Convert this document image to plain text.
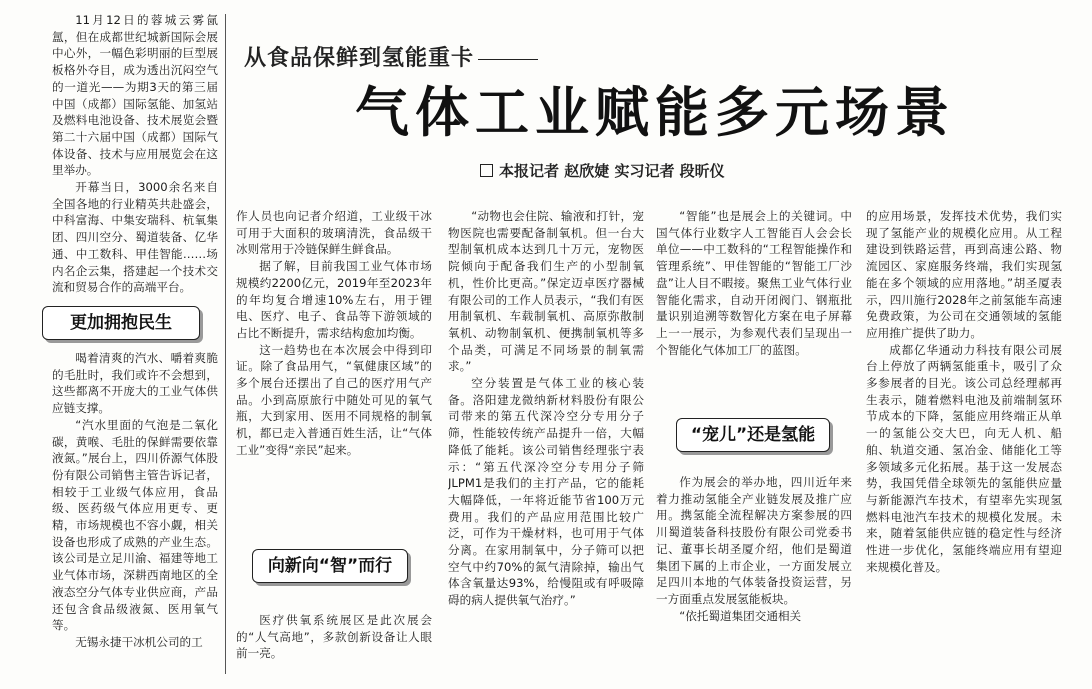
11月12日的蓉城云雾氤氲，但在成都世纪城新国际会展中心外，一幅色彩明丽的巨型展板格外夺目，成为透出沉闷空气的一道光——为期3天的第三届中国（成都）国际氢能、加氢站及燃料电池设备、技术展览会暨第二十六届中国（成都）国际气体设备、技术与应用展览会在这里举办。

开幕当日，3000余名来自全国各地的行业精英共赴盛会，中科富海、中集安瑞科、杭氧集团、四川空分、蜀道装备、亿华通、中工数科、甲佳智能……场内名企云集，搭建起一个技术交流和贸易合作的高端平台。

更加拥抱民生

喝着清爽的汽水、嚼着爽脆的毛肚时，我们或许不会想到，这些都离不开庞大的工业气体供应链支撑。

“汽水里面的气泡是二氧化碳，黄喉、毛肚的保鲜需要依靠液氮。”展台上，四川侨源气体股份有限公司销售主管告诉记者，相较于工业级气体应用，食品级、医药级气体应用更专、更精，市场规模也不容小觑，相关设备也形成了成熟的产业生态。该公司是立足川渝、福建等地工业气体市场，深耕西南地区的全液态空分气体专业供应商，产品还包含食品级液氮、医用氧气等。

无锡永捷干冰机公司的工

从食品保鲜到氢能重卡
气体工业赋能多元场景
本报记者 赵欣婕 实习记者 段昕仪

作人员也向记者介绍道，工业级干冰可用于大面积的玻璃清洗，食品级干冰则常用于冷链保鲜生鲜食品。

据了解，目前我国工业气体市场规模约2200亿元，2019年至2023年的年均复合增速10%左右，用于锂电、医疗、电子、食品等下游领域的占比不断提升，需求结构愈加均衡。

这一趋势也在本次展会中得到印证。除了食品用气，“氧健康区域”的多个展台还摆出了自己的医疗用气产品。小到高原旅行中随处可见的氧气瓶，大到家用、医用不同规格的制氧机，都已走入普通百姓生活，让“气体工业”变得“亲民”起来。

向新向“智”而行

医疗供氧系统展区是此次展会的“人气高地”，多款创新设备让人眼前一亮。

“动物也会住院、输液和打针，宠物医院也需要配备制氧机。但一台大型制氧机成本达到几十万元，宠物医院倾向于配备我们生产的小型制氧机，性价比更高。”保定迈卓医疗器械有限公司的工作人员表示，“我们有医用制氧机、车载制氧机、高原弥散制氧机、动物制氧机、便携制氧机等多个品类，可满足不同场景的制氧需求。”

空分装置是气体工业的核心装备。洛阳建龙微纳新材料股份有限公司带来的第五代深冷空分专用分子筛，性能较传统产品提升一倍，大幅降低了能耗。该公司销售经理张宁表示：“第五代深冷空分专用分子筛JLPM1是我们的主打产品，它的能耗大幅降低，一年将近能节省100万元费用。我们的产品应用范围比较广泛，可作为干燥材料，也可用于气体分离。在家用制氧中，分子筛可以把空气中约70%的氮气清除掉，输出气体含氧量达93%，给慢阻或有呼吸障碍的病人提供氧气治疗。”

“智能”也是展会上的关键词。中国气体行业数字人工智能百人会会长单位——中工数科的“工程智能操作和管理系统”、甲佳智能的“智能工厂沙盘”让人目不暇接。聚焦工业气体行业智能化需求，自动开闭阀门、钢瓶批量识别追溯等数智化方案在电子屏幕上一一展示，为参观代表们呈现出一个智能化气体加工厂的蓝图。

“宠儿”还是氢能

作为展会的举办地，四川近年来着力推动氢能全产业链发展及推广应用。携氢能全流程解决方案参展的四川蜀道装备科技股份有限公司党委书记、董事长胡圣厦介绍，他们是蜀道集团下属的上市企业，一方面发展立足四川本地的气体装备投资运营，另一方面重点发展氢能板块。

“依托蜀道集团交通相关

的应用场景，发挥技术优势，我们实现了氢能产业的规模化应用。从工程建设到铁路运营，再到高速公路、物流园区、家庭服务终端，我们实现氢能在多个领域的应用落地。”胡圣厦表示，四川施行2028年之前氢能车高速免费政策，为公司在交通领域的氢能应用推广提供了助力。

成都亿华通动力科技有限公司展台上停放了两辆氢能重卡，吸引了众多参展者的目光。该公司总经理郝再生表示，随着燃料电池及前端制氢环节成本的下降，氢能应用终端正从单一的氢能公交大巴，向无人机、船舶、轨道交通、氢冶金、储能化工等多领域多元化拓展。基于这一发展态势，我国凭借全球领先的氢能供应量与新能源汽车技术，有望率先实现氢燃料电池汽车技术的规模化发展。未来，随着氢能供应链的稳定性与经济性进一步优化，氢能终端应用有望迎来规模化普及。
